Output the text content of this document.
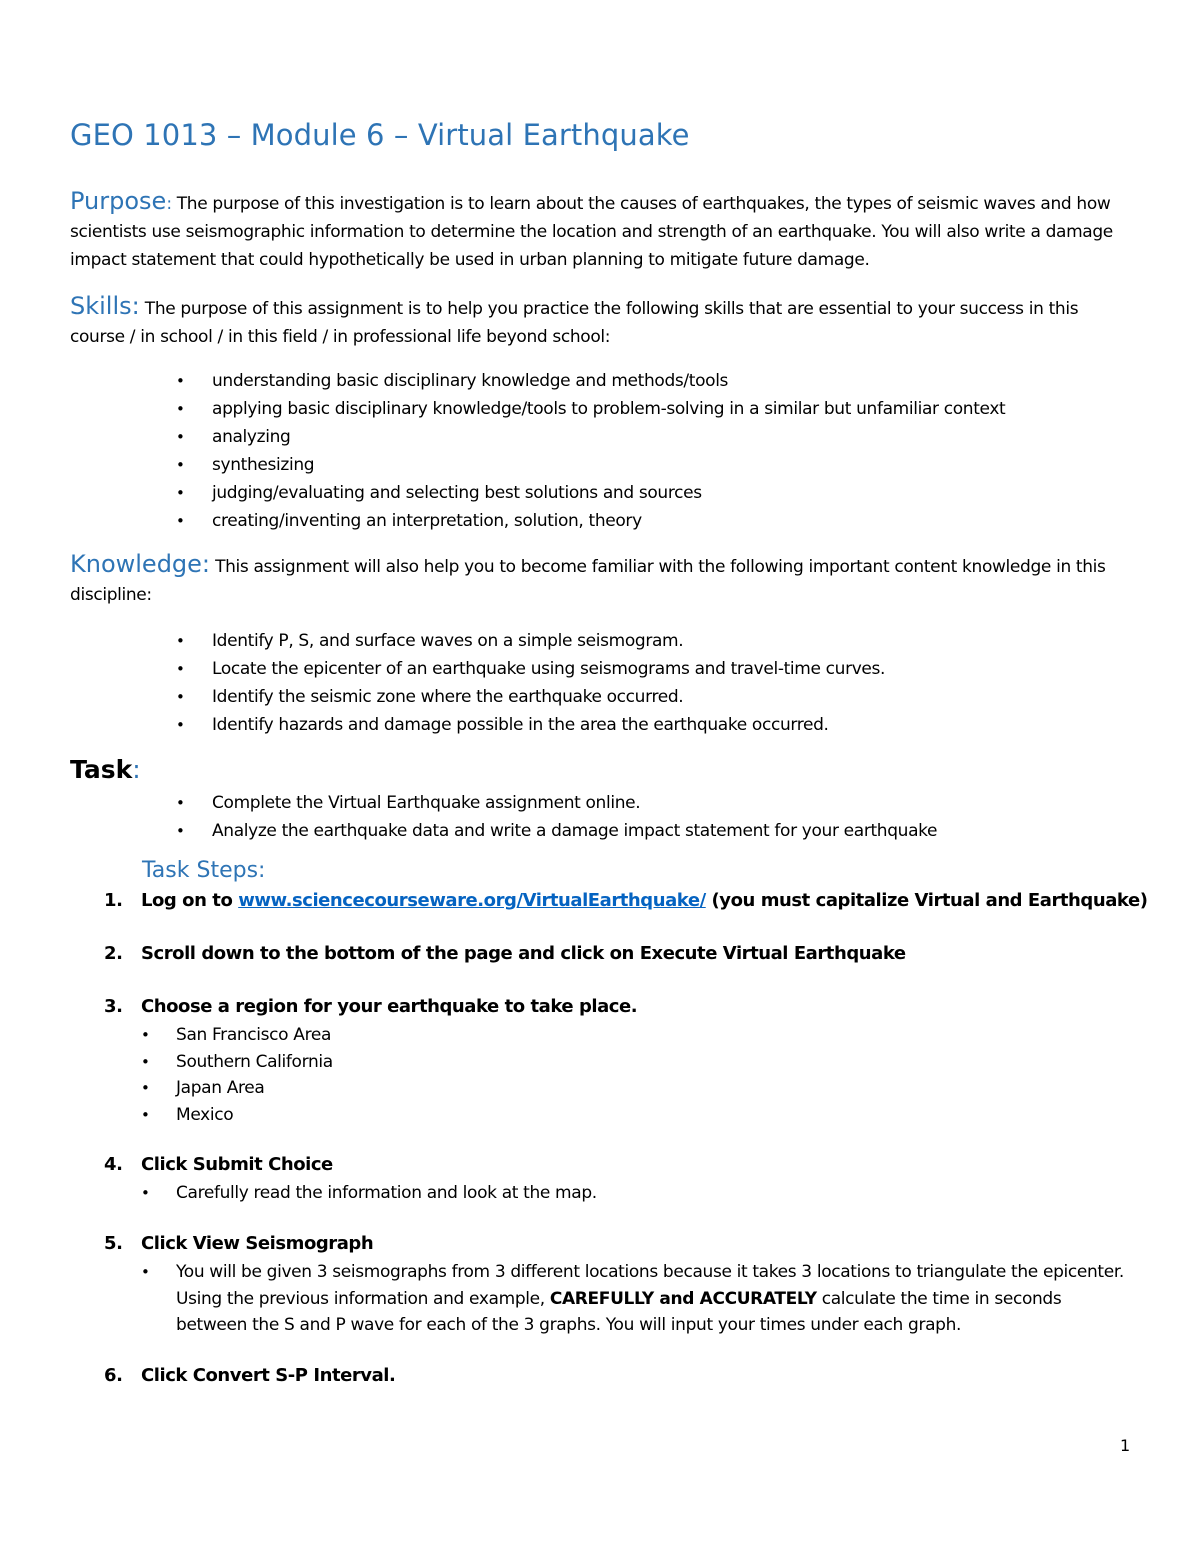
GEO 1013 – Module 6 – Virtual Earthquake
Purpose: The purpose of this investigation is to learn about the causes of earthquakes, the types of seismic waves and how scientists use seismographic information to determine the location and strength of an earthquake. You will also write a damage impact statement that could hypothetically be used in urban planning to mitigate future damage.
Skills: The purpose of this assignment is to help you practice the following skills that are essential to your success in this course / in school / in this field / in professional life beyond school:
• understanding basic disciplinary knowledge and methods/tools
• applying basic disciplinary knowledge/tools to problem-solving in a similar but unfamiliar context
• analyzing
• synthesizing
• judging/evaluating and selecting best solutions and sources
• creating/inventing an interpretation, solution, theory
Knowledge: This assignment will also help you to become familiar with the following important content knowledge in this discipline:
• Identify P, S, and surface waves on a simple seismogram.
• Locate the epicenter of an earthquake using seismograms and travel-time curves.
• Identify the seismic zone where the earthquake occurred.
• Identify hazards and damage possible in the area the earthquake occurred.
Task:
• Complete the Virtual Earthquake assignment online.
• Analyze the earthquake data and write a damage impact statement for your earthquake
Task Steps:
1. Log on to www.sciencecourseware.org/VirtualEarthquake/ (you must capitalize Virtual and Earthquake)
2. Scroll down to the bottom of the page and click on Execute Virtual Earthquake
3. Choose a region for your earthquake to take place.
• San Francisco Area
• Southern California
• Japan Area
• Mexico
4. Click Submit Choice
• Carefully read the information and look at the map.
5. Click View Seismograph
• You will be given 3 seismographs from 3 different locations because it takes 3 locations to triangulate the epicenter. Using the previous information and example, CAREFULLY and ACCURATELY calculate the time in seconds between the S and P wave for each of the 3 graphs. You will input your times under each graph.
6. Click Convert S-P Interval.
1
